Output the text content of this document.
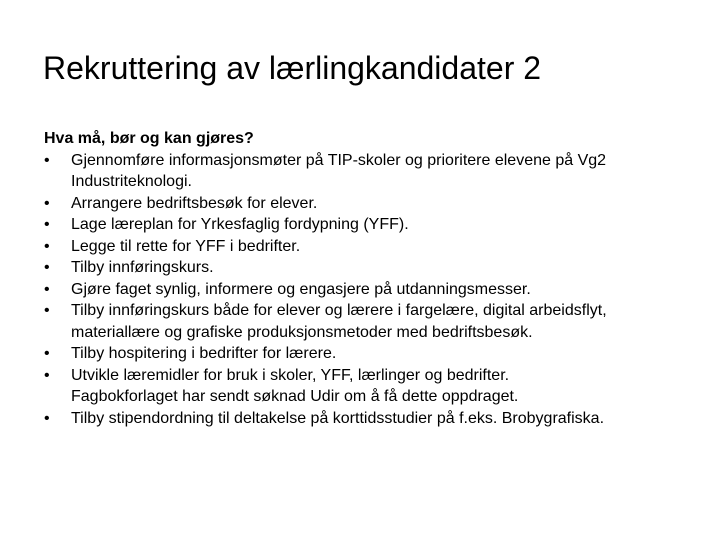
Rekruttering av lærlingkandidater 2

Hva må, bør og kan gjøres?

• Gjennomføre informasjonsmøter på TIP-skoler og prioritere elevene på Vg2
Industriteknologi.
• Arrangere bedriftsbesøk for elever.
• Lage læreplan for Yrkesfaglig fordypning (YFF).
• Legge til rette for YFF i bedrifter.
• Tilby innføringskurs.
• Gjøre faget synlig, informere og engasjere på utdanningsmesser.
• Tilby innføringskurs både for elever og lærere i fargelære, digital arbeidsflyt,
materiallære og grafiske produksjonsmetoder med bedriftsbesøk.
• Tilby hospitering i bedrifter for lærere.
• Utvikle læremidler for bruk i skoler, YFF, lærlinger og bedrifter.
Fagbokforlaget har sendt søknad Udir om å få dette oppdraget.
• Tilby stipendordning til deltakelse på korttidsstudier på f.eks. Brobygrafiska.
